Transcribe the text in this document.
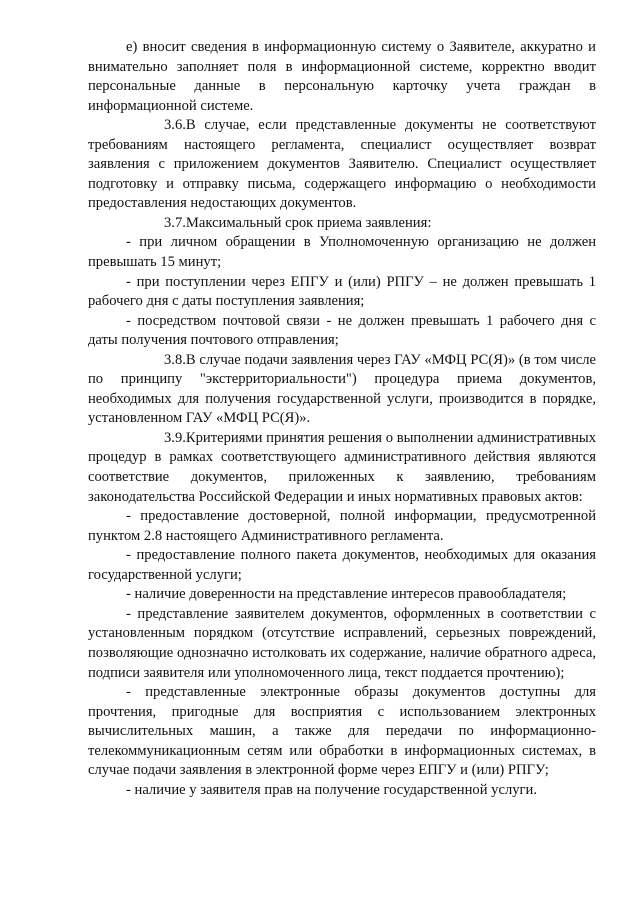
е) вносит сведения в информационную систему о Заявителе, аккуратно и внимательно заполняет поля в информационной системе, корректно вводит персональные данные в персональную карточку учета граждан в информационной системе.

3.6.В случае, если представленные документы не соответствуют требованиям настоящего регламента, специалист осуществляет возврат заявления с приложением документов Заявителю. Специалист осуществляет подготовку и отправку письма, содержащего информацию о необходимости предоставления недостающих документов.

3.7.Максимальный срок приема заявления:

- при личном обращении в Уполномоченную организацию не должен превышать 15 минут;

- при поступлении через ЕПГУ и (или) РПГУ – не должен превышать 1 рабочего дня с даты поступления заявления;

- посредством почтовой связи - не должен превышать 1 рабочего дня с даты получения почтового отправления;

3.8.В случае подачи заявления через ГАУ «МФЦ РС(Я)» (в том числе по принципу "экстерриториальности") процедура приема документов, необходимых для получения государственной услуги, производится в порядке, установленном ГАУ «МФЦ РС(Я)».

3.9.Критериями принятия решения о выполнении административных процедур в рамках соответствующего административного действия являются соответствие документов, приложенных к заявлению, требованиям законодательства Российской Федерации и иных нормативных правовых актов:

- предоставление достоверной, полной информации, предусмотренной пунктом 2.8 настоящего Административного регламента.

- предоставление полного пакета документов, необходимых для оказания государственной услуги;

- наличие доверенности на представление интересов правообладателя;

- представление заявителем документов, оформленных в соответствии с установленным порядком (отсутствие исправлений, серьезных повреждений, позволяющие однозначно истолковать их содержание, наличие обратного адреса, подписи заявителя или уполномоченного лица, текст поддается прочтению);

- представленные электронные образы документов доступны для прочтения, пригодные для восприятия с использованием электронных вычислительных машин, а также для передачи по информационно-телекоммуникационным сетям или обработки в информационных системах, в случае подачи заявления в электронной форме через ЕПГУ и (или) РПГУ;

- наличие у заявителя прав на получение государственной услуги.
